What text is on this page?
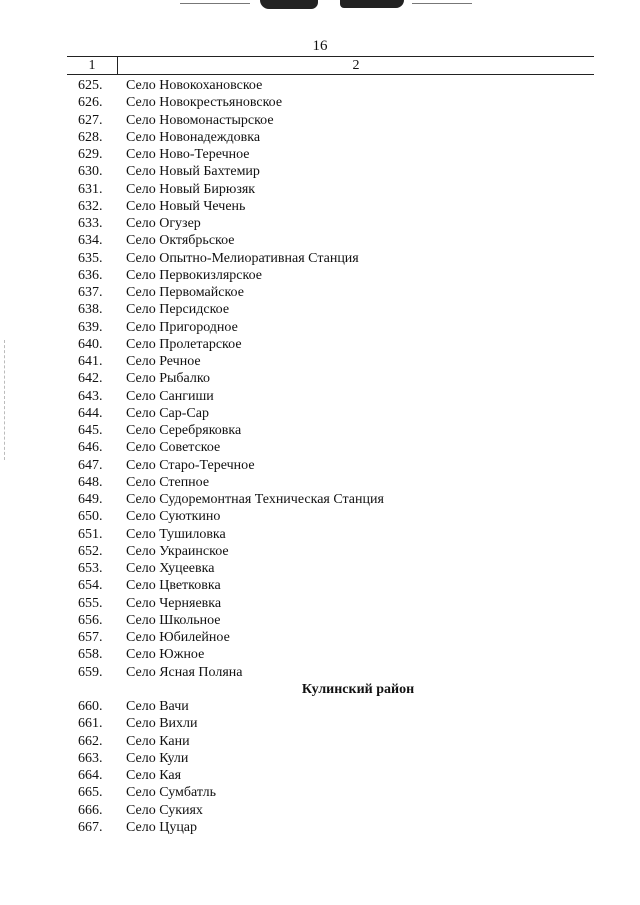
16
1	2
625.	Село Новокохановское
626.	Село Новокрестьяновское
627.	Село Новомонастырское
628.	Село Новонадеждовка
629.	Село Ново-Теречное
630.	Село Новый Бахтемир
631.	Село Новый Бирюзяк
632.	Село Новый Чечень
633.	Село Огузер
634.	Село Октябрьское
635.	Село Опытно-Мелиоративная Станция
636.	Село Первокизлярское
637.	Село Первомайское
638.	Село Персидское
639.	Село Пригородное
640.	Село Пролетарское
641.	Село Речное
642.	Село Рыбалко
643.	Село Сангиши
644.	Село Сар-Сар
645.	Село Серебряковка
646.	Село Советское
647.	Село Старо-Теречное
648.	Село Степное
649.	Село Судоремонтная Техническая Станция
650.	Село Суюткино
651.	Село Тушиловка
652.	Село Украинское
653.	Село Хуцеевка
654.	Село Цветковка
655.	Село Черняевка
656.	Село Школьное
657.	Село Юбилейное
658.	Село Южное
659.	Село Ясная Поляна
Кулинский район
660.	Село Вачи
661.	Село Вихли
662.	Село Кани
663.	Село Кули
664.	Село Кая
665.	Село Сумбатль
666.	Село Сукиях
667.	Село Цуцар
